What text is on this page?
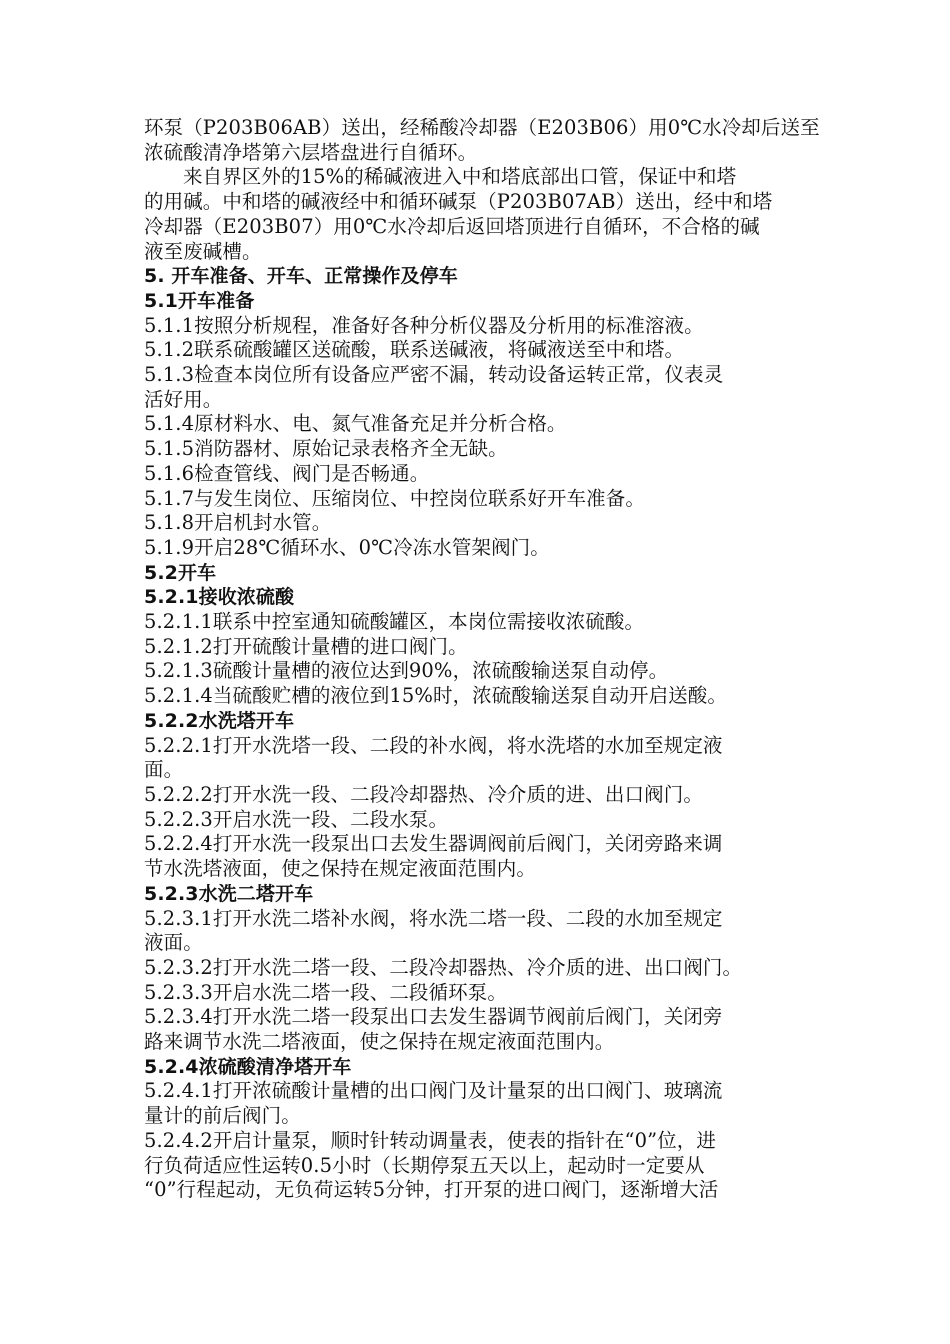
环泵（P203B06AB）送出，经稀酸冷却器（E203B06）用0℃水冷却后送至
浓硫酸清净塔第六层塔盘进行自循环。
来自界区外的15%的稀碱液进入中和塔底部出口管，保证中和塔
的用碱。中和塔的碱液经中和循环碱泵（P203B07AB）送出，经中和塔
冷却器（E203B07）用0℃水冷却后返回塔顶进行自循环，不合格的碱
液至废碱槽。
5. 开车准备、开车、正常操作及停车
5.1开车准备
5.1.1按照分析规程，准备好各种分析仪器及分析用的标准溶液。
5.1.2联系硫酸罐区送硫酸，联系送碱液，将碱液送至中和塔。
5.1.3检查本岗位所有设备应严密不漏，转动设备运转正常，仪表灵
活好用。
5.1.4原材料水、电、氮气准备充足并分析合格。
5.1.5消防器材、原始记录表格齐全无缺。
5.1.6检查管线、阀门是否畅通。
5.1.7与发生岗位、压缩岗位、中控岗位联系好开车准备。
5.1.8开启机封水管。
5.1.9开启28℃循环水、0℃冷冻水管架阀门。
5.2开车
5.2.1接收浓硫酸
5.2.1.1联系中控室通知硫酸罐区，本岗位需接收浓硫酸。
5.2.1.2打开硫酸计量槽的进口阀门。
5.2.1.3硫酸计量槽的液位达到90%，浓硫酸输送泵自动停。
5.2.1.4当硫酸贮槽的液位到15%时，浓硫酸输送泵自动开启送酸。
5.2.2水洗塔开车
5.2.2.1打开水洗塔一段、二段的补水阀，将水洗塔的水加至规定液
面。
5.2.2.2打开水洗一段、二段冷却器热、冷介质的进、出口阀门。
5.2.2.3开启水洗一段、二段水泵。
5.2.2.4打开水洗一段泵出口去发生器调阀前后阀门，关闭旁路来调
节水洗塔液面，使之保持在规定液面范围内。
5.2.3水洗二塔开车
5.2.3.1打开水洗二塔补水阀，将水洗二塔一段、二段的水加至规定
液面。
5.2.3.2打开水洗二塔一段、二段冷却器热、冷介质的进、出口阀门。
5.2.3.3开启水洗二塔一段、二段循环泵。
5.2.3.4打开水洗二塔一段泵出口去发生器调节阀前后阀门，关闭旁
路来调节水洗二塔液面，使之保持在规定液面范围内。
5.2.4浓硫酸清净塔开车
5.2.4.1打开浓硫酸计量槽的出口阀门及计量泵的出口阀门、玻璃流
量计的前后阀门。
5.2.4.2开启计量泵，顺时针转动调量表，使表的指针在“0”位，进
行负荷适应性运转0.5小时（长期停泵五天以上，起动时一定要从
“0”行程起动，无负荷运转5分钟，打开泵的进口阀门，逐渐增大活
